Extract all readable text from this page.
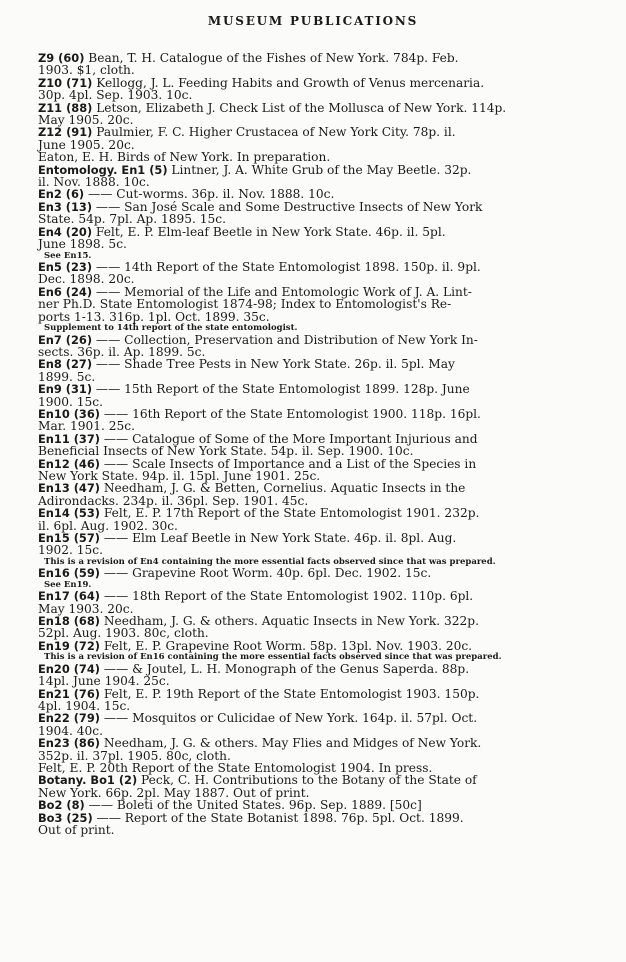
MUSEUM PUBLICATIONS
Z9 (60) Bean, T. H. Catalogue of the Fishes of New York. 784p. Feb.
1903. $1, cloth.
Z10 (71) Kellogg, J. L. Feeding Habits and Growth of Venus mercenaria.
30p. 4pl. Sep. 1903. 10c.
Z11 (88) Letson, Elizabeth J. Check List of the Mollusca of New York. 114p.
May 1905. 20c.
Z12 (91) Paulmier, F. C. Higher Crustacea of New York City. 78p. il.
June 1905. 20c.
Eaton, E. H. Birds of New York. In preparation.
Entomology. En1 (5) Lintner, J. A. White Grub of the May Beetle. 32p.
il. Nov. 1888. 10c.
En2 (6) —— Cut-worms. 36p. il. Nov. 1888. 10c.
En3 (13) —— San José Scale and Some Destructive Insects of New York
State. 54p. 7pl. Ap. 1895. 15c.
En4 (20) Felt, E. P. Elm-leaf Beetle in New York State. 46p. il. 5pl.
June 1898. 5c.
See En15.
En5 (23) —— 14th Report of the State Entomologist 1898. 150p. il. 9pl.
Dec. 1898. 20c.
En6 (24) —— Memorial of the Life and Entomologic Work of J. A. Lint-
ner Ph.D. State Entomologist 1874-98; Index to Entomologist's Re-
ports 1-13. 316p. 1pl. Oct. 1899. 35c.
Supplement to 14th report of the state entomologist.
En7 (26) —— Collection, Preservation and Distribution of New York In-
sects. 36p. il. Ap. 1899. 5c.
En8 (27) —— Shade Tree Pests in New York State. 26p. il. 5pl. May
1899. 5c.
En9 (31) —— 15th Report of the State Entomologist 1899. 128p. June
1900. 15c.
En10 (36) —— 16th Report of the State Entomologist 1900. 118p. 16pl.
Mar. 1901. 25c.
En11 (37) —— Catalogue of Some of the More Important Injurious and
Beneficial Insects of New York State. 54p. il. Sep. 1900. 10c.
En12 (46) —— Scale Insects of Importance and a List of the Species in
New York State. 94p. il. 15pl. June 1901. 25c.
En13 (47) Needham, J. G. & Betten, Cornelius. Aquatic Insects in the
Adirondacks. 234p. il. 36pl. Sep. 1901. 45c.
En14 (53) Felt, E. P. 17th Report of the State Entomologist 1901. 232p.
il. 6pl. Aug. 1902. 30c.
En15 (57) —— Elm Leaf Beetle in New York State. 46p. il. 8pl. Aug.
1902. 15c.
This is a revision of En4 containing the more essential facts observed since that was prepared.
En16 (59) —— Grapevine Root Worm. 40p. 6pl. Dec. 1902. 15c.
See En19.
En17 (64) —— 18th Report of the State Entomologist 1902. 110p. 6pl.
May 1903. 20c.
En18 (68) Needham, J. G. & others. Aquatic Insects in New York. 322p.
52pl. Aug. 1903. 80c, cloth.
En19 (72) Felt, E. P. Grapevine Root Worm. 58p. 13pl. Nov. 1903. 20c.
This is a revision of En16 containing the more essential facts observed since that was prepared.
En20 (74) —— & Joutel, L. H. Monograph of the Genus Saperda. 88p.
14pl. June 1904. 25c.
En21 (76) Felt, E. P. 19th Report of the State Entomologist 1903. 150p.
4pl. 1904. 15c.
En22 (79) —— Mosquitos or Culicidae of New York. 164p. il. 57pl. Oct.
1904. 40c.
En23 (86) Needham, J. G. & others. May Flies and Midges of New York.
352p. il. 37pl. 1905. 80c, cloth.
Felt, E. P. 20th Report of the State Entomologist 1904. In press.
Botany. Bo1 (2) Peck, C. H. Contributions to the Botany of the State of
New York. 66p. 2pl. May 1887. Out of print.
Bo2 (8) —— Boleti of the United States. 96p. Sep. 1889. [50c]
Bo3 (25) —— Report of the State Botanist 1898. 76p. 5pl. Oct. 1899.
Out of print.
